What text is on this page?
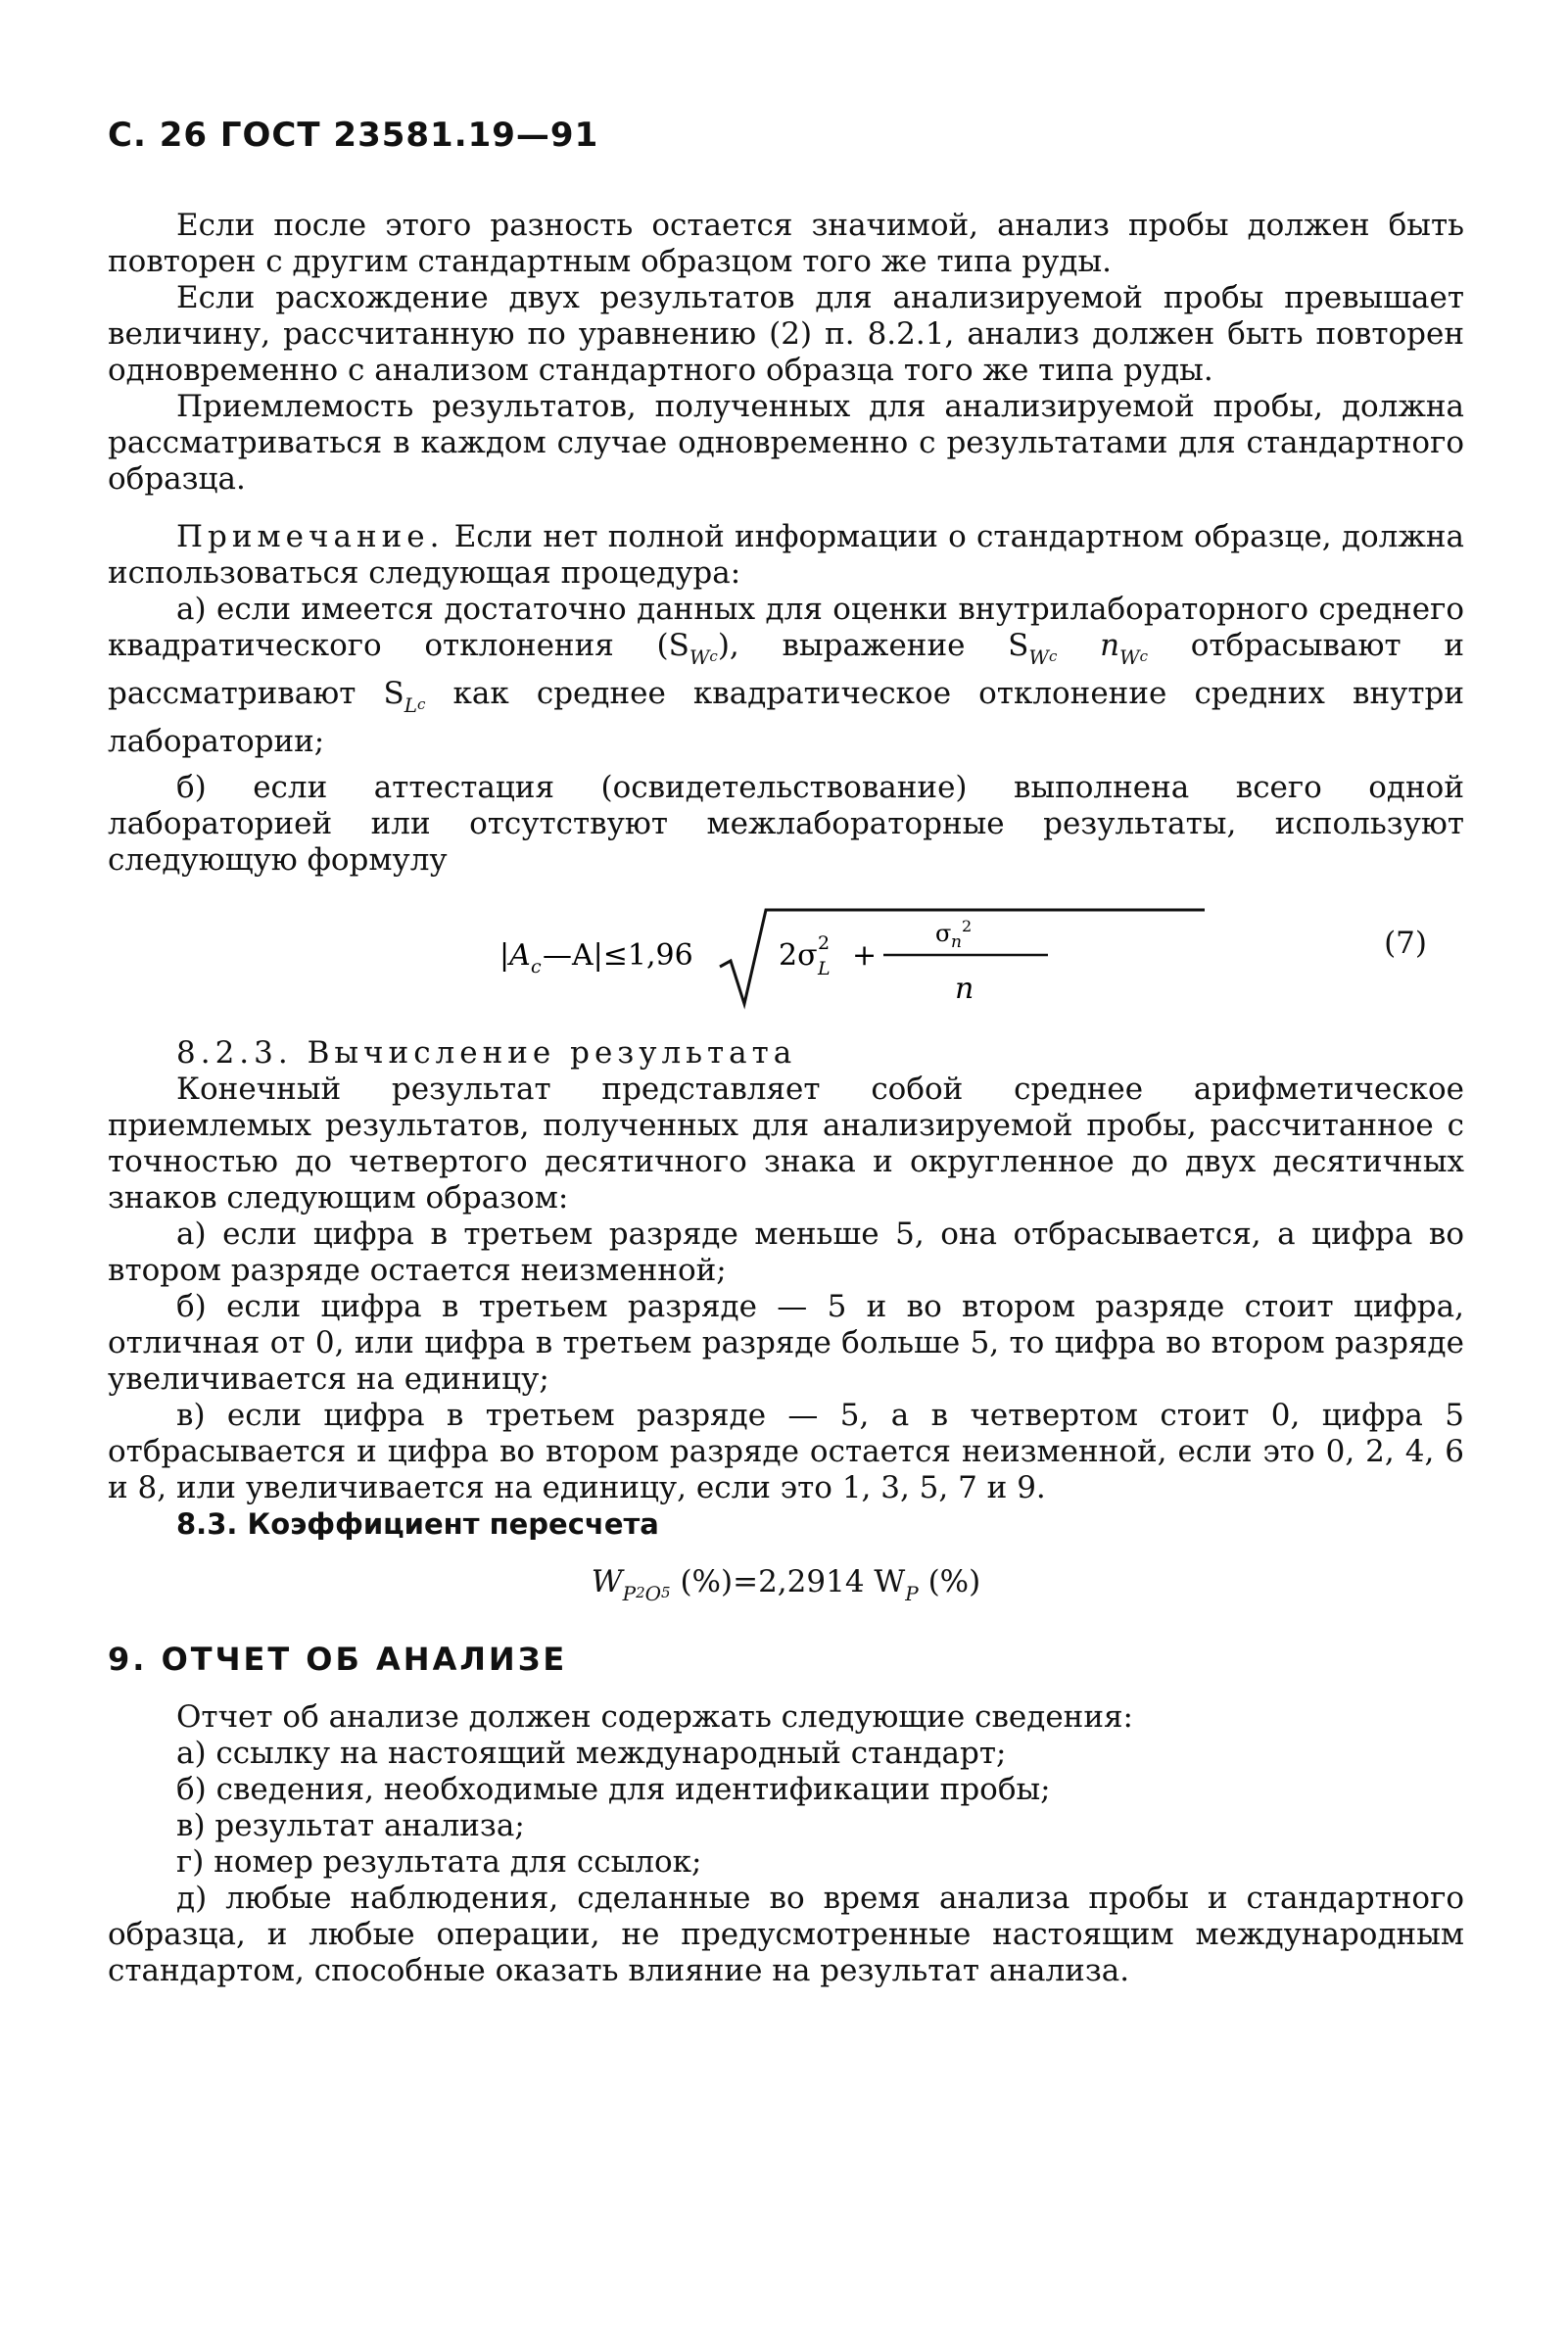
С. 26 ГОСТ 23581.19—91

Если после этого разность остается значимой, анализ пробы должен быть повторен с другим стандартным образцом того же типа руды.

Если расхождение двух результатов для анализируемой пробы превышает величину, рассчитанную по уравнению (2) п. 8.2.1, анализ должен быть повторен одновременно с анализом стандартного образца того же типа руды.

Приемлемость результатов, полученных для анализируемой пробы, должна рассматриваться в каждом случае одновременно с результатами для стандартного образца.

Примечание. Если нет полной информации о стандартном образце, должна использоваться следующая процедура:

а) если имеется достаточно данных для оценки внутрилабораторного среднего квадратического отклонения $(S_Wc)$, выражение $S_Wc$ $n_Wc$ отбрасывают и рассматривают $S_Lc$ как среднее квадратическое отклонение средних внутри лаборатории;

б) если аттестация (освидетельствование) выполнена всего одной лабораторией или отсутствуют межлабораторные результаты, используют следующую формулу

|A c —A|≤1,96	2σ 2
L +
σ n
2
n
(7)

8.2.3. Вычисление результата

Конечный результат представляет собой среднее арифметическое приемлемых результатов, полученных для анализируемой пробы, рассчитанное с точностью до четвертого десятичного знака и округленное до двух десятичных знаков следующим образом:

а) если цифра в третьем разряде меньше 5, она отбрасывается, а цифра во втором разряде остается неизменной;

б) если цифра в третьем разряде — 5 и во втором разряде стоит цифра, отличная от 0, или цифра в третьем разряде больше 5, то цифра во втором разряде увеличивается на единицу;

в) если цифра в третьем разряде — 5, а в четвертом стоит 0, цифра 5 отбрасывается и цифра во втором разряде остается неизменной, если это 0, 2, 4, 6 и 8, или увеличивается на единицу, если это 1, 3, 5, 7 и 9.

8.3. Коэффициент пересчета

$W_P2_O5$ (%)=2,2914 $W_P$ (%)

9. ОТЧЕТ ОБ АНАЛИЗЕ

Отчет об анализе должен содержать следующие сведения:

а) ссылку на настоящий международный стандарт;

б) сведения, необходимые для идентификации пробы;

в) результат анализа;

г) номер результата для ссылок;

д) любые наблюдения, сделанные во время анализа пробы и стандартного образца, и любые операции, не предусмотренные настоящим международным стандартом, способные оказать влияние на результат анализа.
